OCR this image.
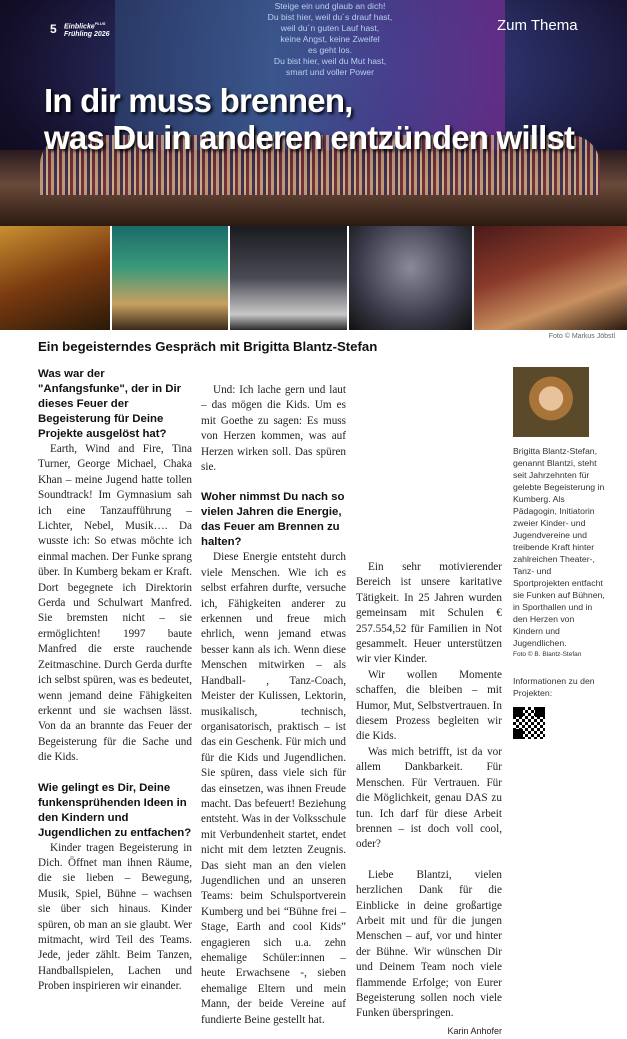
Steige ein und glaub an dich!
Du bist hier, weil du´s drauf hast,
weil du´n guten Lauf hast,
keine Angst, keine Zweifel
es geht los.
Du bist hier, weil du Mut hast,
smart und voller Power
5 Einblicke$^{PLUS}$
Frühling 2026
Zum Thema
In dir muss brennen,
was Du in anderen entzünden willst
Foto © Markus Jöbstl
Ein begeisterndes Gespräch mit Brigitta Blantz-Stefan
Was war der "Anfangsfunke", der in Dir dieses Feuer der Begeisterung für Deine Projekte ausgelöst hat?

Earth, Wind and Fire, Tina Turner, George Michael, Chaka Khan – meine Jugend hatte tollen Soundtrack! Im Gymnasium sah ich eine Tanzaufführung – Lichter, Nebel, Musik…. Da wusste ich: So etwas möchte ich einmal machen. Der Funke sprang über. In Kumberg bekam er Kraft. Dort begegnete ich Direktorin Gerda und Schulwart Manfred. Sie bremsten nicht – sie ermöglichten! 1997 baute Manfred die erste rauchende Zeitmaschine. Durch Gerda durfte ich selbst spüren, was es bedeutet, wenn jemand deine Fähigkeiten erkennt und sie wachsen lässt. Von da an brannte das Feuer der Begeisterung für die Sache und die Kids.

Wie gelingt es Dir, Deine funkensprühenden Ideen in den Kindern und Jugendlichen zu entfachen?

Kinder tragen Begeisterung in Dich. Öffnet man ihnen Räume, die sie lieben – Bewegung, Musik, Spiel, Bühne – wachsen sie über sich hinaus. Kinder spüren, ob man an sie glaubt. Wer mitmacht, wird Teil des Teams. Jede, jeder zählt. Beim Tanzen, Handballspielen, Lachen und Proben inspirieren wir einander.

Und: Ich lache gern und laut – das mögen die Kids. Um es mit Goethe zu sagen: Es muss von Herzen kommen, was auf Herzen wirken soll. Das spüren sie.

Woher nimmst Du nach so vielen Jahren die Energie, das Feuer am Brennen zu halten?

Diese Energie entsteht durch viele Menschen. Wie ich es selbst erfahren durfte, versuche ich, Fähigkeiten anderer zu erkennen und freue mich ehrlich, wenn jemand etwas besser kann als ich. Wenn diese Menschen mitwirken – als Handball- , Tanz-Coach, Meister der Kulissen, Lektorin, musikalisch, technisch, organisatorisch, praktisch – ist das ein Geschenk. Für mich und für die Kids und Jugendlichen. Sie spüren, dass viele sich für das einsetzen, was ihnen Freude macht. Das befeuert! Beziehung entsteht. Was in der Volksschule mit Verbundenheit startet, endet nicht mit dem letzten Zeugnis. Das sieht man an den vielen Jugendlichen und an unseren Teams: beim Schulsportverein Kumberg und bei “Bühne frei – Stage, Earth and cool Kids” engagieren sich u.a. zehn ehemalige Schüler:innen – heute Erwachsene -, sieben ehemalige Eltern und mein Mann, der beide Vereine auf fundierte Beine gestellt hat.

Ein sehr motivierender Bereich ist unsere karitative Tätigkeit. In 25 Jahren wurden gemeinsam mit Schulen € 257.554,52 für Familien in Not gesammelt. Heuer unterstützen wir vier Kinder.

Wir wollen Momente schaffen, die bleiben – mit Humor, Mut, Selbstvertrauen. In diesem Prozess begleiten wir die Kids.

Was mich betrifft, ist da vor allem Dankbarkeit. Für Menschen. Für Vertrauen. Für die Möglichkeit, genau DAS zu tun. Ich darf für diese Arbeit brennen – ist doch voll cool, oder?

Liebe Blantzi, vielen herzlichen Dank für die Einblicke in deine großartige Arbeit mit und für die jungen Menschen – auf, vor und hinter der Bühne. Wir wünschen Dir und Deinem Team noch viele flammende Erfolge; von Eurer Begeisterung sollen noch viele Funken überspringen.

Karin Anhofer
Brigitta Blantz-Stefan, genannt Blantzi, steht seit Jahrzehnten für gelebte Begeisterung in Kumberg. Als Pädagogin, Initiatorin zweier Kinder- und Jugendvereine und treibende Kraft hinter zahlreichen Theater-, Tanz- und Sportprojekten entfacht sie Funken auf Bühnen, in Sporthallen und in den Herzen von Kindern und Jugendlichen.
Foto © B. Blantz-Stefan
Informationen zu den Projekten:
